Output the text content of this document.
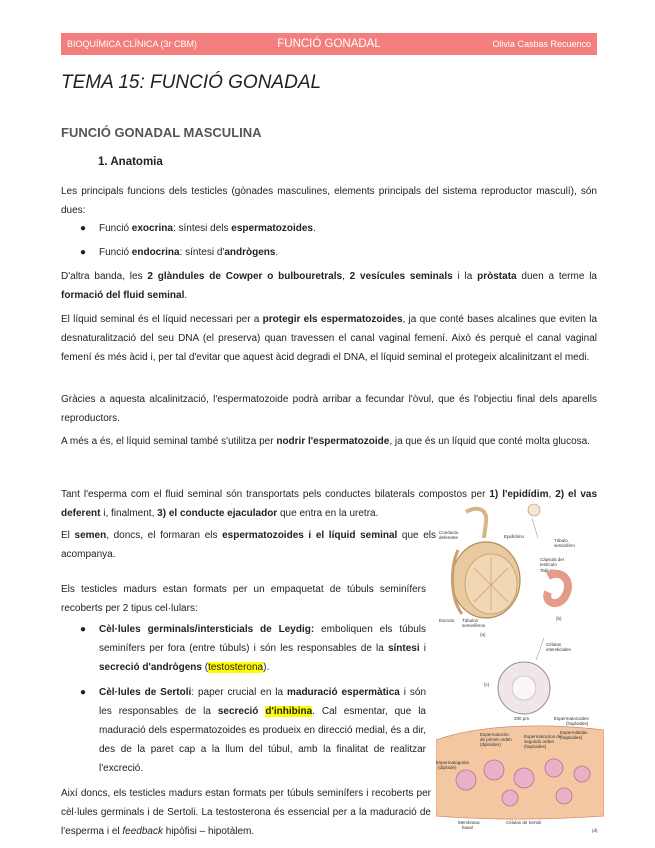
BIOQUÍMICA CLÍNICA (3r CBM)	FUNCIÓ GONADAL	Olivia Casbas Recuenco
TEMA 15: FUNCIÓ GONADAL
FUNCIÓ GONADAL MASCULINA
1. Anatomia
Les principals funcions dels testicles (gònades masculines, elements principals del sistema reproductor masculí), són dues:
● Funció exocrina: síntesi dels espermatozoides.
● Funció endocrina: síntesi d'andrògens.
D'altra banda, les 2 glàndules de Cowper o bulbouretrals, 2 vesícules seminals i la pròstata duen a terme la formació del fluid seminal.
El líquid seminal és el líquid necessari per a protegir els espermatozoides, ja que conté bases alcalines que eviten la desnaturalització del seu DNA (el preserva) quan travessen el canal vaginal femení. Això és perquè el canal vaginal femení és més àcid i, per tal d'evitar que aquest àcid degradi el DNA, el líquid seminal el protegeix alcalinitzant el medi.
Gràcies a aquesta alcalinització, l'espermatozoide podrà arribar a fecundar l'òvul, que és l'objectiu final dels aparells reproductors.
A més a és, el líquid seminal també s'utilitza per nodrir l'espermatozoide, ja que és un líquid que conté molta glucosa.
Tant l'esperma com el fluid seminal són transportats pels conductes bilaterals compostos per 1) l'epidídim, 2) el vas deferent i, finalment, 3) el conducte ejaculador que entra en la uretra.
El semen, doncs, el formaran els espermatozoides i el líquid seminal que els acompanya.
Els testicles madurs estan formats per un empaquetat de túbuls seminífers recoberts per 2 tipus cel·lulars:
● Cèl·lules germinals/intersticials de Leydig: emboliquen els túbuls seminífers per fora (entre túbuls) i són les responsables de la síntesi i secreció d'andrògens (testosterona).
● Cèl·lules de Sertoli: paper crucial en la maduració espermàtica i són les responsables de la secreció d'inhibina. Cal esmentar, que la maduració dels espermatozoides es produeix en direcció medial, és a dir, des de la paret cap a la llum del túbul, amb la finalitat de realitzar l'excreció.
Així doncs, els testicles madurs estan formats per túbuls seminífers i recoberts per cèl·lules germinals i de Sertoli. La testosterona és essencial per a la maduració de l'esperma i el feedback hipòfisi – hipotàlem.
Conducto
deferente	Epidídimo
Túbulo
seminífero
Cápsula del
testículo
Tabique
Escroto Túbulos
seminíferos
(a)
(b)
Células
intersticiales
(c)
200 μm	Espermatozoides
(haploides)
Espermátidas
(haploides)
Espermatocito
de primer orden
(diploides)
Espermatocitos de
segundo orden
(haploides)
Espermatogonia
(diploide)
Membrana
basal
Células de Sertoli
(d)
